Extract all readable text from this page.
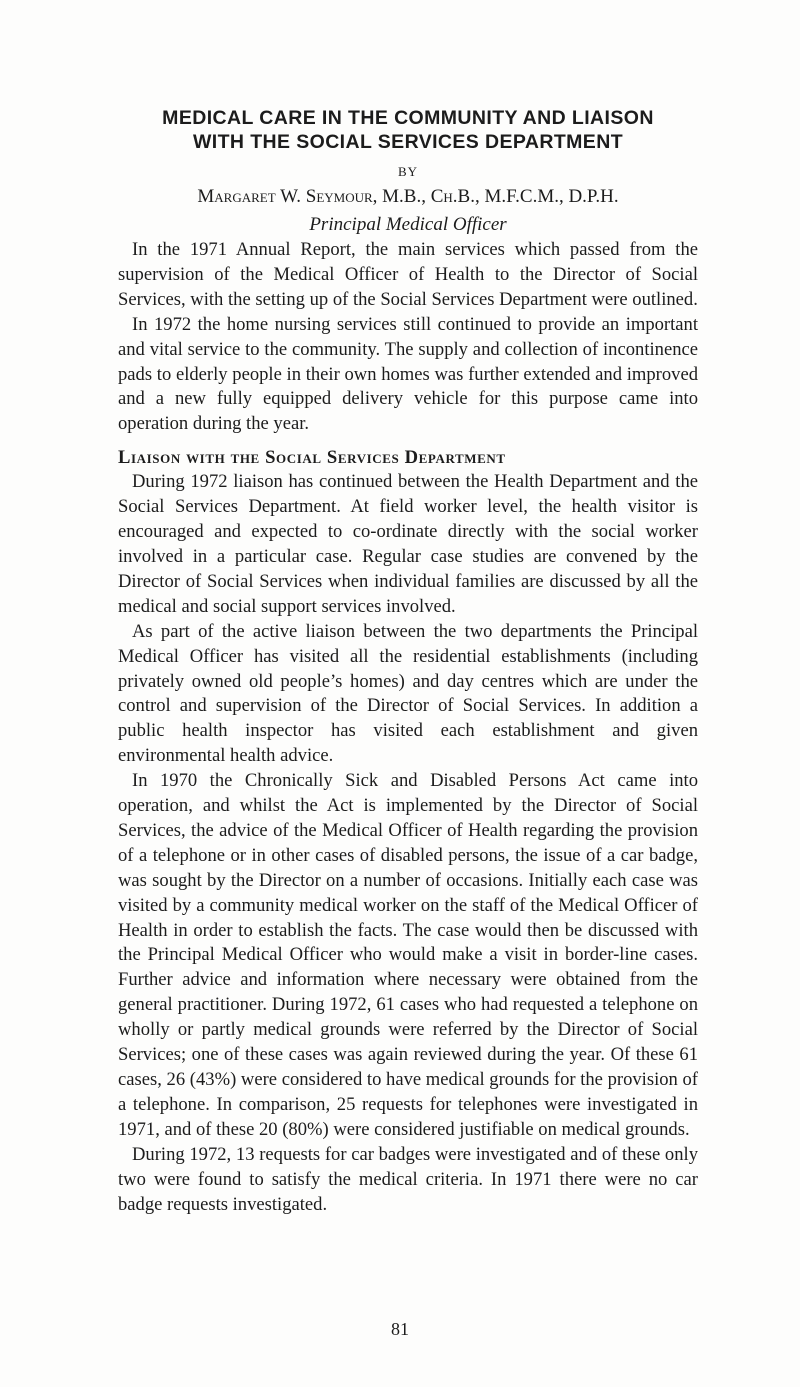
MEDICAL CARE IN THE COMMUNITY AND LIAISON
WITH THE SOCIAL SERVICES DEPARTMENT
BY
Margaret W. Seymour, M.B., Ch.B., M.F.C.M., D.P.H.
Principal Medical Officer

In the 1971 Annual Report, the main services which passed from the supervision of the Medical Officer of Health to the Director of Social Services, with the setting up of the Social Services Department were outlined.

In 1972 the home nursing services still continued to provide an important and vital service to the community. The supply and collection of incontinence pads to elderly people in their own homes was further extended and improved and a new fully equipped delivery vehicle for this purpose came into operation during the year.

Liaison with the Social Services Department

During 1972 liaison has continued between the Health Department and the Social Services Department. At field worker level, the health visitor is encouraged and expected to co-ordinate directly with the social worker involved in a particular case. Regular case studies are convened by the Director of Social Services when individual families are discussed by all the medical and social support services involved.

As part of the active liaison between the two departments the Principal Medical Officer has visited all the residential establishments (including privately owned old people’s homes) and day centres which are under the control and supervision of the Director of Social Services. In addition a public health inspector has visited each establishment and given environmental health advice.

In 1970 the Chronically Sick and Disabled Persons Act came into operation, and whilst the Act is implemented by the Director of Social Services, the advice of the Medical Officer of Health regarding the provision of a telephone or in other cases of disabled persons, the issue of a car badge, was sought by the Director on a number of occasions. Initially each case was visited by a community medical worker on the staff of the Medical Officer of Health in order to establish the facts. The case would then be discussed with the Principal Medical Officer who would make a visit in border-line cases. Further advice and information where necessary were obtained from the general practitioner. During 1972, 61 cases who had requested a telephone on wholly or partly medical grounds were referred by the Director of Social Services; one of these cases was again reviewed during the year. Of these 61 cases, 26 (43%) were considered to have medical grounds for the provision of a telephone. In comparison, 25 requests for telephones were investigated in 1971, and of these 20 (80%) were considered justifiable on medical grounds.

During 1972, 13 requests for car badges were investigated and of these only two were found to satisfy the medical criteria. In 1971 there were no car badge requests investigated.

81
